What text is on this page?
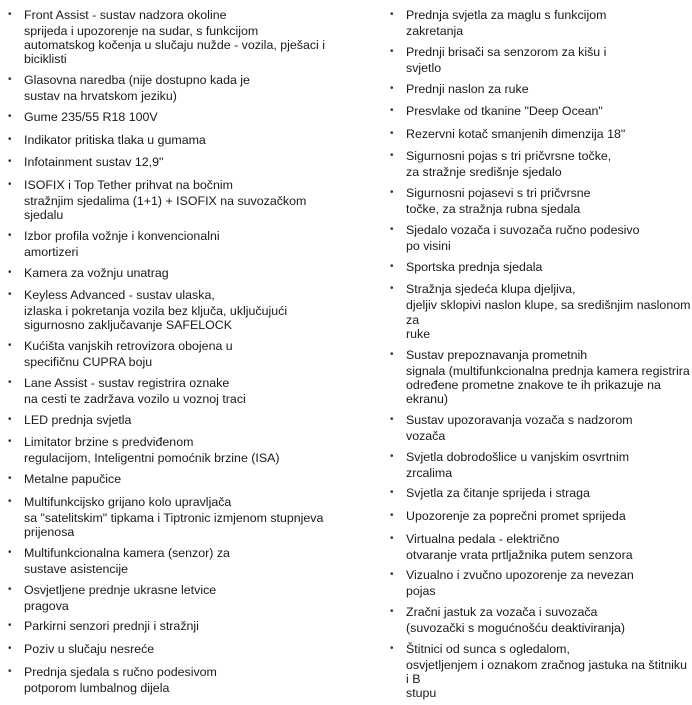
• Front Assist - sustav nadzora okoline
sprijeda i upozorenje na sudar, s funkcijom
automatskog kočenja u slučaju nužde - vozila, pješaci i
biciklisti
• Glasovna naredba (nije dostupno kada je
sustav na hrvatskom jeziku)
• Gume 235/55 R18 100V
• Indikator pritiska tlaka u gumama
• Infotainment sustav 12,9"
• ISOFIX i Top Tether prihvat na bočnim
stražnjim sjedalima (1+1) + ISOFIX na suvozačkom
sjedalu
• Izbor profila vožnje i konvencionalni
amortizeri
• Kamera za vožnju unatrag
• Keyless Advanced - sustav ulaska,
izlaska i pokretanja vozila bez ključa, uključujući
sigurnosno zaključavanje SAFELOCK
• Kućišta vanjskih retrovizora obojena u
specifičnu CUPRA boju
• Lane Assist - sustav registrira oznake
na cesti te zadržava vozilo u voznoj traci
• LED prednja svjetla
• Limitator brzine s predviđenom
regulacijom, Inteligentni pomoćnik brzine (ISA)
• Metalne papučice
• Multifunkcijsko grijano kolo upravljača
sa "satelitskim" tipkama i Tiptronic izmjenom stupnjeva
prijenosa
• Multifunkcionalna kamera (senzor) za
sustave asistencije
• Osvjetljene prednje ukrasne letvice
pragova
• Parkirni senzori prednji i stražnji
• Poziv u slučaju nesreće
• Prednja sjedala s ručno podesivom
potporom lumbalnog dijela
• Prednja svjetla za maglu s funkcijom
zakretanja
• Prednji brisači sa senzorom za kišu i
svjetlo
• Prednji naslon za ruke
• Presvlake od tkanine "Deep Ocean"
• Rezervni kotač smanjenih dimenzija 18"
• Sigurnosni pojas s tri pričvrsne točke,
za stražnje središnje sjedalo
• Sigurnosni pojasevi s tri pričvrsne
točke, za stražnja rubna sjedala
• Sjedalo vozača i suvozača ručno podesivo
po visini
• Sportska prednja sjedala
• Stražnja sjedeća klupa djeljiva,
djeljiv sklopivi naslon klupe, sa središnjim naslonom za
ruke
• Sustav prepoznavanja prometnih
signala (multifunkcionalna prednja kamera registrira
određene prometne znakove te ih prikazuje na ekranu)
• Sustav upozoravanja vozača s nadzorom
vozača
• Svjetla dobrodošlice u vanjskim osvrtnim
zrcalima
• Svjetla za čitanje sprijeda i straga
• Upozorenje za poprečni promet sprijeda
• Virtualna pedala - električno
otvaranje vrata prtljažnika putem senzora
• Vizualno i zvučno upozorenje za nevezan
pojas
• Zračni jastuk za vozača i suvozača
(suvozački s mogućnošću deaktiviranja)
• Štitnici od sunca s ogledalom,
osvjetljenjem i oznakom zračnog jastuka na štitniku i B
stupu
